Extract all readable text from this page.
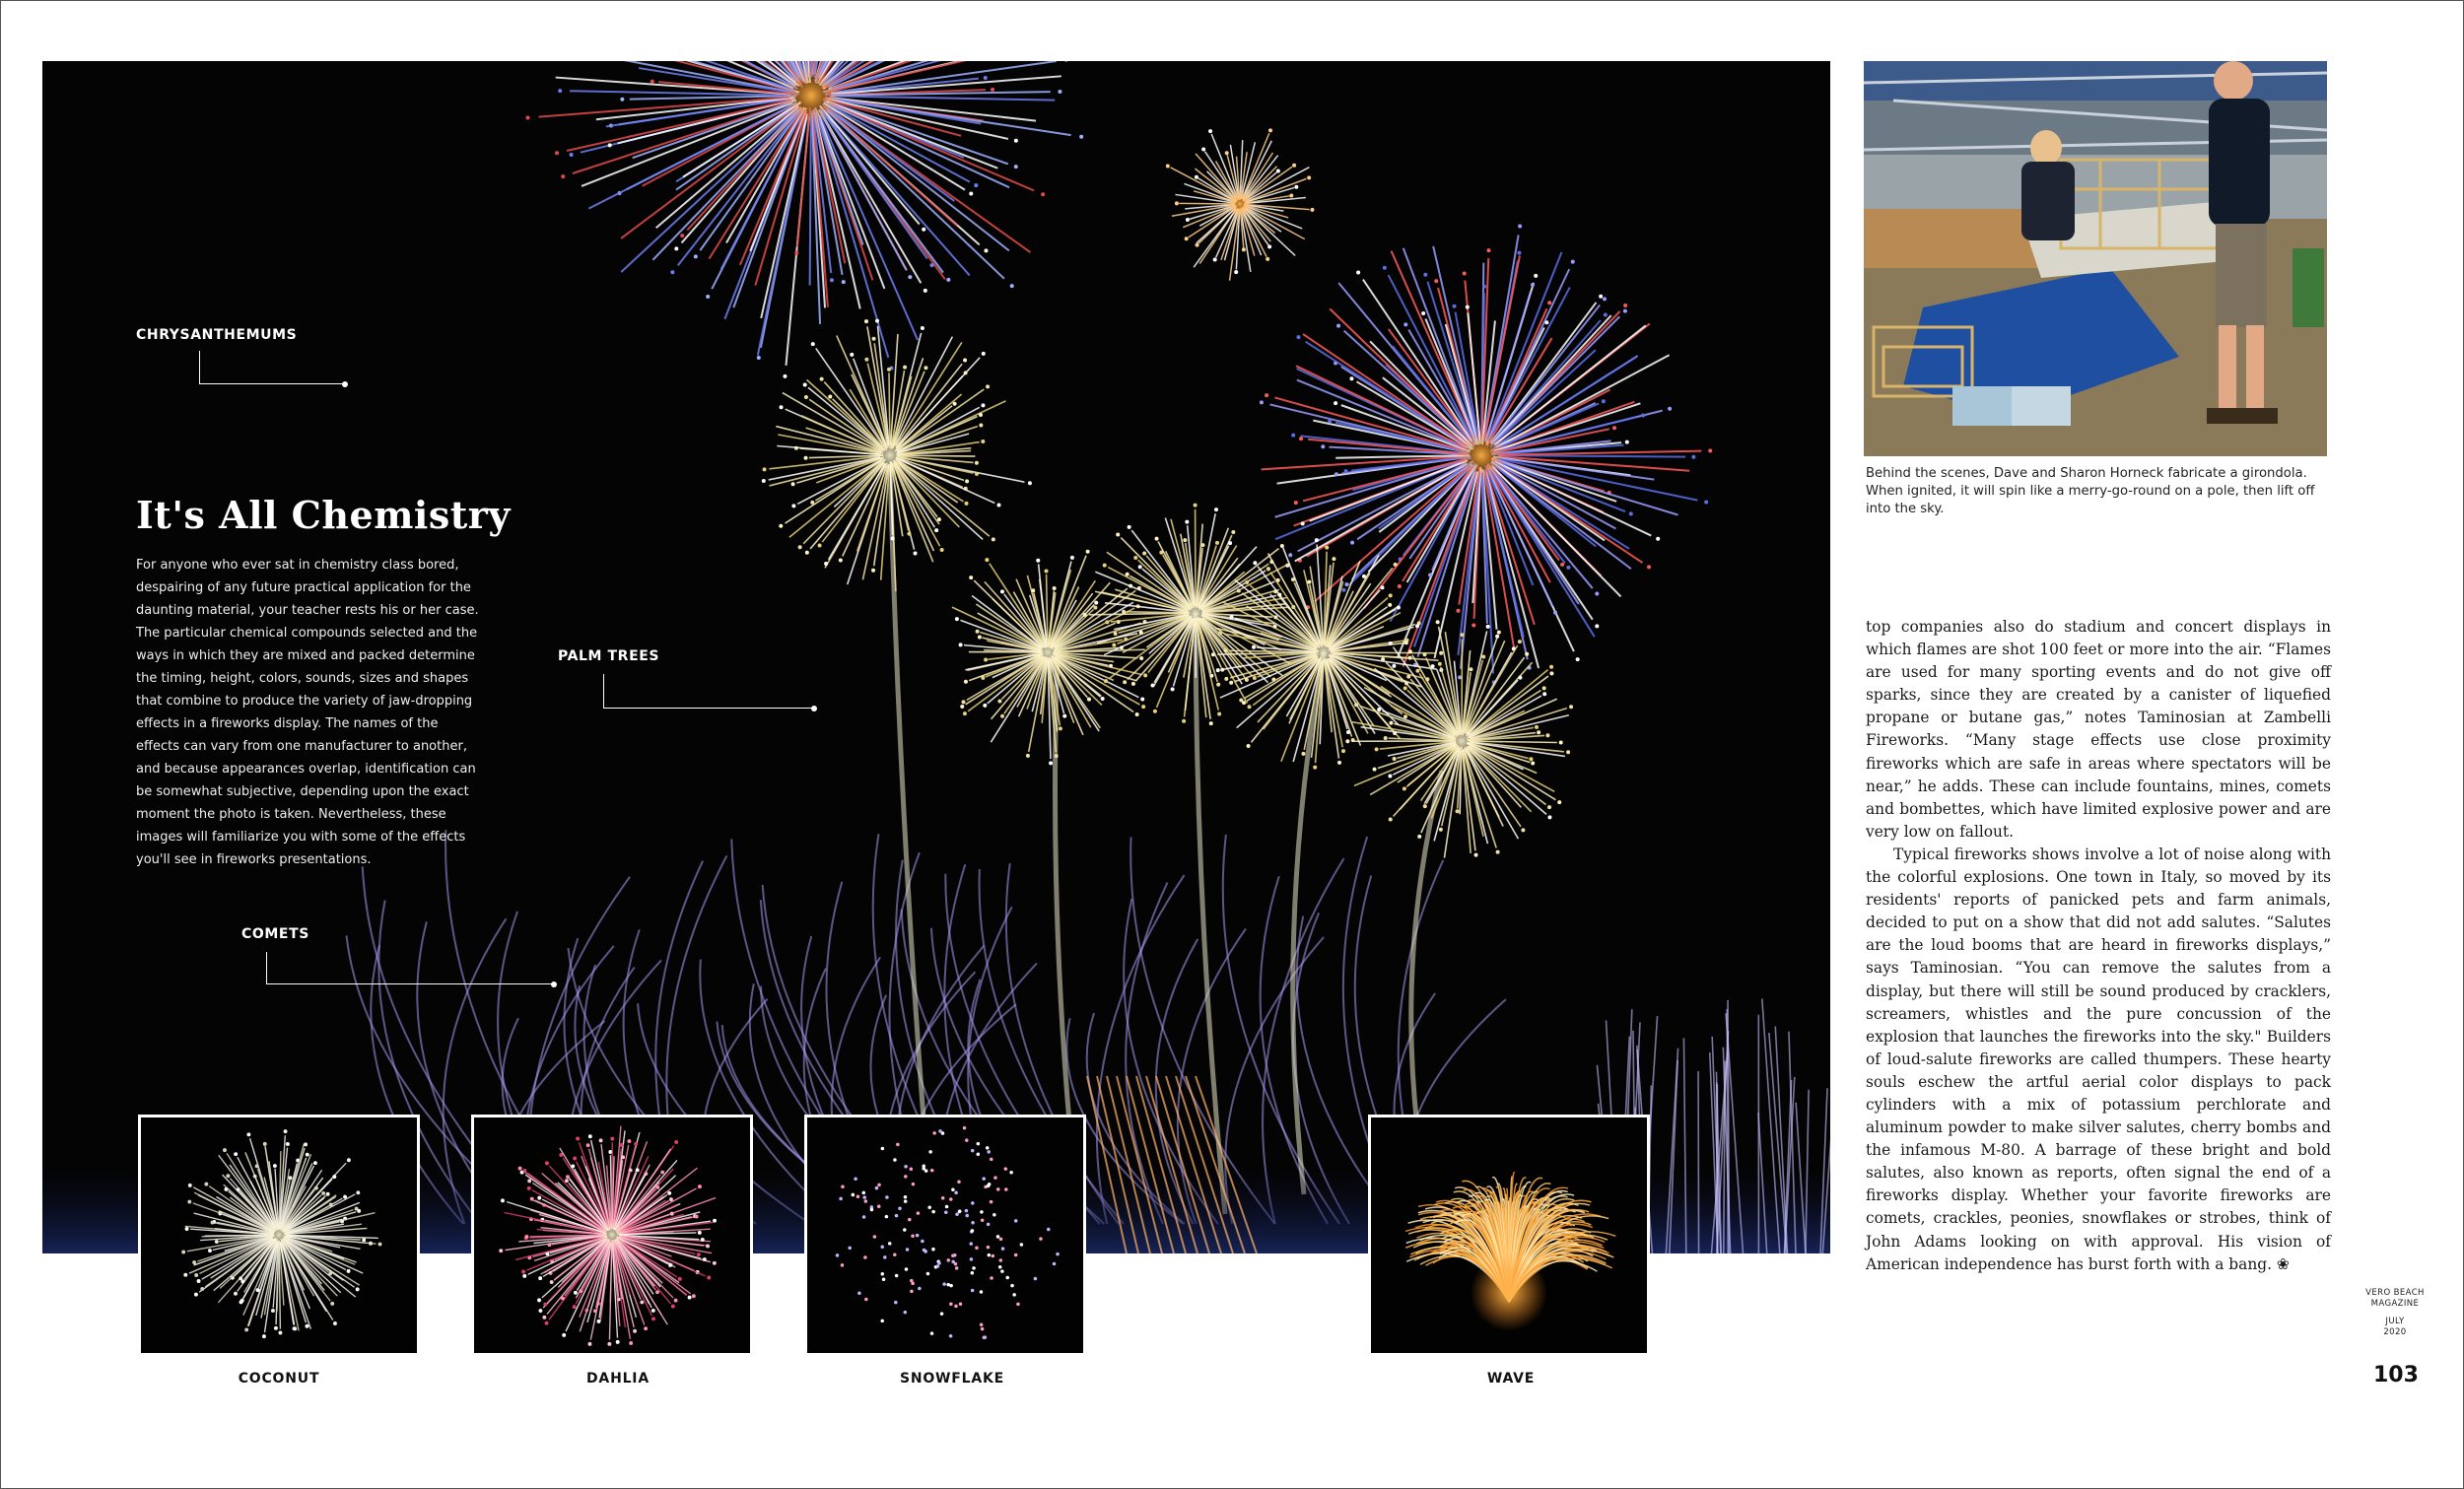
CHRYSANTHEMUMS
PALM TREES
COMETS
It's All Chemistry

For anyone who ever sat in chemistry class bored, despairing of any future practical application for the daunting material, your teacher rests his or her case. The particular chemical compounds selected and the ways in which they are mixed and packed determine the timing, height, colors, sounds, sizes and shapes that combine to produce the variety of jaw-dropping effects in a fireworks display. The names of the effects can vary from one manufacturer to another, and because appearances overlap, identification can be somewhat subjective, depending upon the exact moment the photo is taken. Nevertheless, these images will familiarize you with some of the effects you'll see in fireworks presentations.

COCONUT	DAHLIA	SNOWFLAKE	WAVE

Behind the scenes, Dave and Sharon Horneck fabricate a girondola. When ignited, it will spin like a merry-go-round on a pole, then lift off into the sky.

top companies also do stadium and concert displays in which flames are shot 100 feet or more into the air. “Flames are used for many sporting events and do not give off sparks, since they are created by a canister of liquefied propane or butane gas,” notes Taminosian at Zambelli Fireworks. “Many stage effects use close proximity fireworks which are safe in areas where spectators will be near,” he adds. These can include fountains, mines, comets and bombettes, which have limited explosive power and are very low on fallout.

Typical fireworks shows involve a lot of noise along with the colorful explosions. One town in Italy, so moved by its residents' reports of panicked pets and farm animals, decided to put on a show that did not add salutes. “Salutes are the loud booms that are heard in fireworks displays,” says Taminosian. “You can remove the salutes from a display, but there will still be sound produced by cracklers, screamers, whistles and the pure concussion of the explosion that launches the fireworks into the sky." Builders of loud-salute fireworks are called thumpers. These hearty souls eschew the artful aerial color displays to pack cylinders with a mix of potassium perchlorate and aluminum powder to make silver salutes, cherry bombs and the infamous M-80. A barrage of these bright and bold salutes, also known as reports, often signal the end of a fireworks display. Whether your favorite fireworks are comets, crackles, peonies, snowflakes or strobes, think of John Adams looking on with approval. His vision of American independence has burst forth with a bang. ❀

VERO BEACH
MAGAZINE
JULY
2020
103
